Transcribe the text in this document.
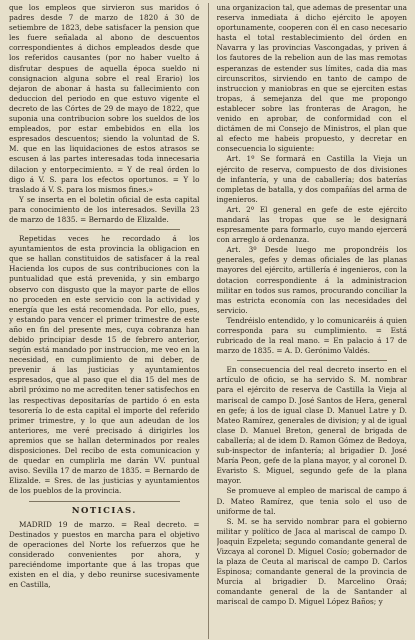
que los empleos que sirvieron sus maridos ó padres desde 7 de marzo de 1820 á 30 de setiembre de 1823, debe satisfacer la pension que les fuere señalada al abono de descuentos correspondientes á dichos empleados desde que los referidos causantes (por no haber vuelto á disfrutar despues de aquella época sueldo ni consignacion alguna sobre el real Erario) los dejaron de abonar á hasta su fallecimiento con deduccion del periodo en que estuvo vigente el decreto de las Córtes de 29 de mayo de 1822, que suponia una contribucion sobre los sueldos de los empleados, por estar embebidos en ella los espresados descuentos; siendo la voluntad de S. M. que en las liquidaciones de estos atrasos se escusen á las partes interesadas toda innecesaria dilacion y entorpecimiento. = Y de real órden lo digo á V. S. para los efectos oportunos. = Y lo traslado á V. S. para los mismos fines.»

Y se inserta en el boletin oficial de esta capital para conocimiento de los interesados. Sevilla 23 de marzo de 1835. = Bernardo de Elizalde.

Repetidas veces he recordado á los ayuntamientos de esta provincia la obligacion en que se hallan constituidos de satisfacer á la real Hacienda los cupos de sus contribuciones con la puntualidad que está prevenida, y sin embargo observo con disgusto que la mayor parte de ellos no proceden en este servicio con la actividad y energía que les está recomendada. Por ello, pues, y estando para vencer el primer trimestre de este año en fin del presente mes, cuya cobranza han debido principiar desde 15 de febrero anterior, según está mandado por instruccion, me veo en la necesidad, en cumplimiento de mi deber, de prevenir á las justicias y ayuntamientos espresados, que al paso que el dia 15 del mes de abril próximo no me acrediten tener satisfechos en las respectivas depositarías de partido ó en esta tesorería lo de esta capital el importe del referido primer trimestre, y lo que aun adeudan de los anteriores, me veré precisado á dirigirles los apremios que se hallan determinados por reales disposiciones. Del recibo de esta comunicacion y de quedar en cumplirla me darán VV. puntual aviso. Sevilla 17 de marzo de 1835. = Bernardo de Elizalde. = Sres. de las justicias y ayuntamientos de los pueblos de la provincia.

NOTICIAS.

MADRID 19 de marzo. = Real decreto. = Destinados y puestos en marcha para el objetivo de operaciones del Norte los refuerzos que he considerado convenientes por ahora, y pareciéndome importante que á las tropas que existen en el dia, y debo reunirse sucesivamente en Castilla,

una organizacion tal, que ademas de presentar una reserva inmediata á dicho ejército le apoyen oportunamente, cooperen con él en caso necesario hasta el total restablecimiento del órden en Navarra y las provincias Vascongadas, y priven á los fautores de la rebelion aun de las mas remotas esperanzas de estender sus límites, cada dia mas circunscritos, sirviendo en tanto de campo de instruccion y maniobras en que se ejerciten estas tropas, á semejanza del que me propongo establecer sobre las fronteras de Aragon, he venido en aprobar, de conformidad con el dictámen de mi Consejo de Ministros, el plan que al efecto me habeis propuesto, y decretar en consecuencia lo siguiente:

Art. 1º Se formará en Castilla la Vieja un ejército de reserva, compuesto de dos divisiones de infantería, y una de caballería; dos baterías completas de batalla, y dos compañías del arma de ingenieros.

Art. 2º El general en gefe de este ejército mandará las tropas que se le designará espresamente para formarlo, cuyo mando ejercerá con arreglo á ordenanza.

Art. 3º Desde luego me propondréis los generales, gefes y demas oficiales de las planas mayores del ejército, artillería é ingenieros, con la dotacion correspondiente á la administracion militar en todos sus ramos, procurando conciliar la mas estricta economía con las necesidades del servicio.

Tendréislo entendido, y lo comunicaréis á quien corresponda para su cumplimiento. = Está rubricado de la real mano. = En palacio á 17 de marzo de 1835. = A. D. Gerónimo Valdés.

En consecuencia del real decreto inserto en el artículo de oficio, se ha servido S. M. nombrar para el ejército de reserva de Castilla la Vieja al mariscal de campo D. José Santos de Hera, general en gefe; á los de igual clase D. Manuel Latre y D. Mateo Ramírez, generales de division; y al de igual clase D. Manuel Breton, general de brigada de caballería; al de idem D. Ramon Gómez de Bedoya, sub-inspector de infantería; al brigadier D. José María Peon, gefe de la plana mayor, y al coronel D. Evaristo S. Miguel, segundo gefe de la plana mayor.

Se promueve al empleo de mariscal de campo á D. Mateo Ramírez, que tenia solo el uso de uniforme de tal.

S. M. se ha servido nombrar para el gobierno militar y político de Jaca al mariscal de campo D. Joaquin Ezpeleta; segundo comandante general de Vizcaya al coronel D. Miguel Cosío; gobernador de la plaza de Ceuta al mariscal de campo D. Carlos Espinosa; comandante general de la provincia de Murcia al brigadier D. Marcelino Oraá; comandante general de la de Santander al mariscal de campo D. Miguel López Baños; y
